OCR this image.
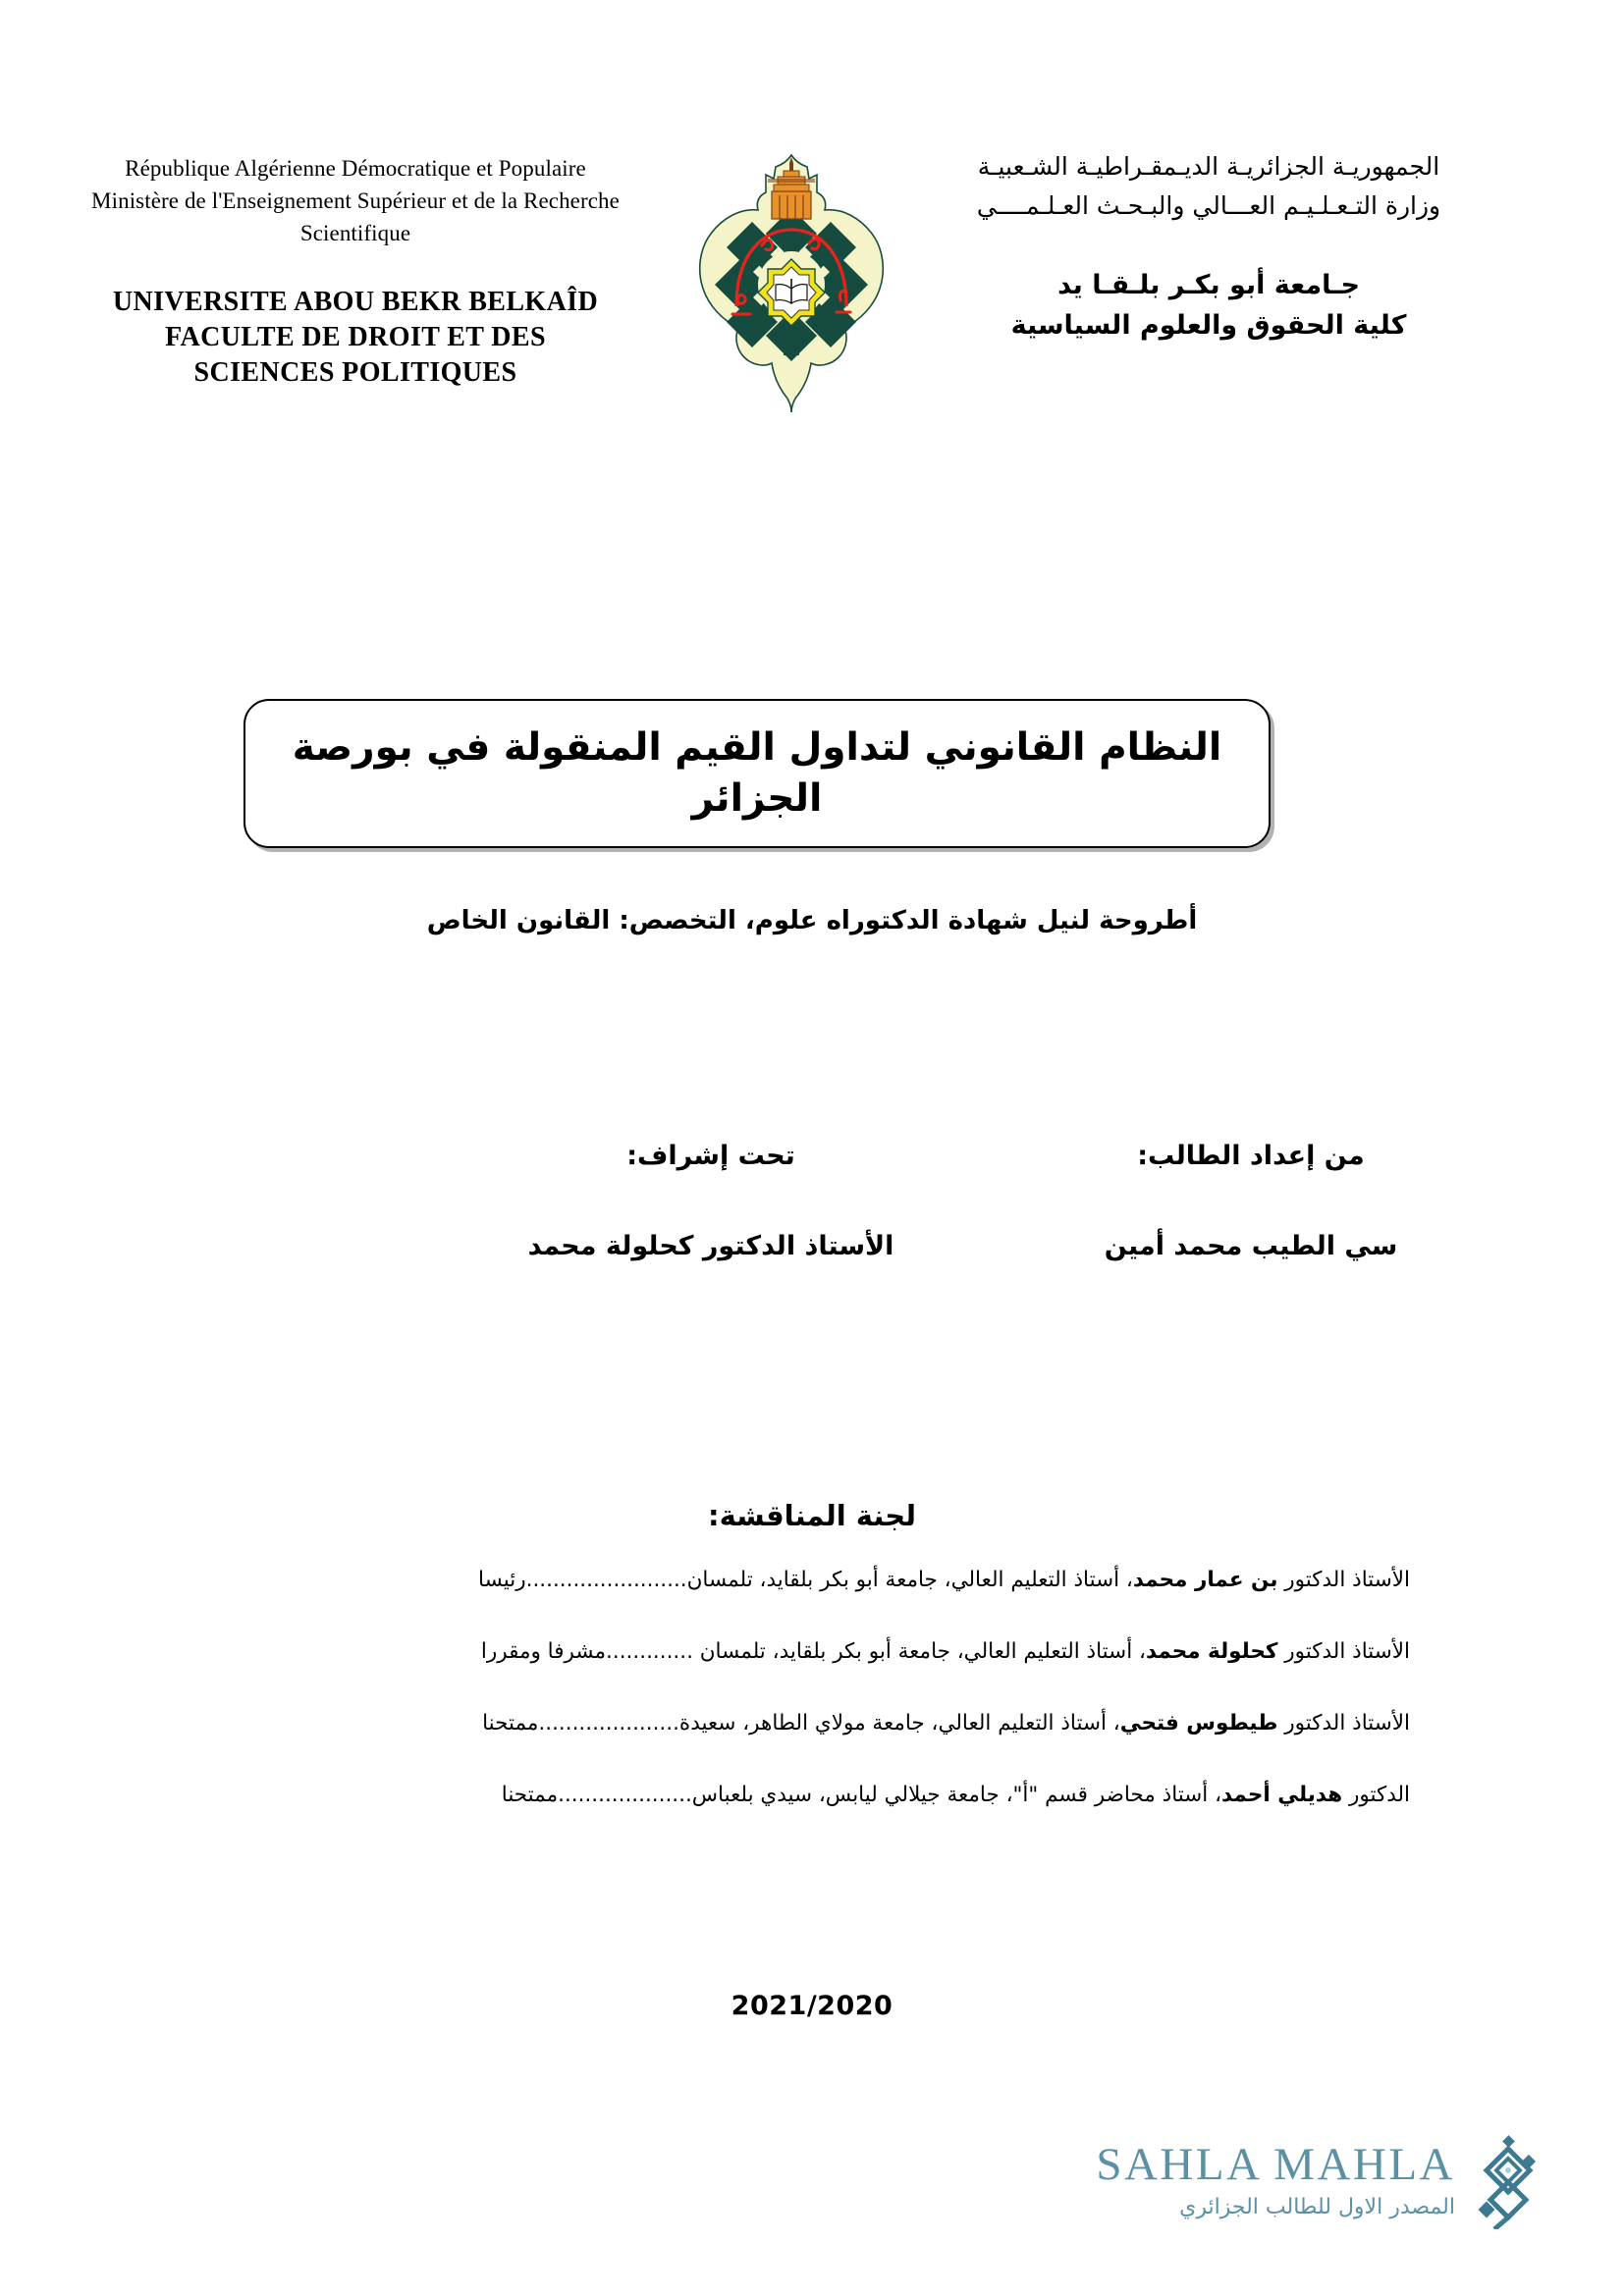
République Algérienne Démocratique et Populaire
Ministère de l'Enseignement Supérieur et de la Recherche
Scientifique
UNIVERSITE ABOU BEKR BELKAÎD
FACULTE DE DROIT ET DES
SCIENCES POLITIQUES
الجمهوريـة الجزائريـة الديـمقـراطيـة الشـعبيـة
وزارة التـعـلـيـم العـــالي والبـحـث العـلـمــــي
جـامعة أبو بكـر بلـقـا يد
كلية الحقوق والعلوم السياسية
النظام القانوني لتداول القيم المنقولة في بورصة الجزائر
أطروحة لنيل شهادة الدكتوراه علوم، التخصص: القانون الخاص
من إعداد الطالب:
سي الطيب محمد أمين
تحت إشراف:
الأستاذ الدكتور كحلولة محمد
لجنة المناقشة:
الأستاذ الدكتور بن عمار محمد، أستاذ التعليم العالي، جامعة أبو بكر بلقايد، تلمسان........................رئيسا
الأستاذ الدكتور كحلولة محمد، أستاذ التعليم العالي، جامعة أبو بكر بلقايد، تلمسان .............مشرفا ومقررا
الأستاذ الدكتور طيطوس فتحي، أستاذ التعليم العالي، جامعة مولاي الطاهر، سعيدة.....................ممتحنا
الدكتور هديلي أحمد، أستاذ محاضر قسم "أ"، جامعة جيلالي ليابس، سيدي بلعباس....................ممتحنا
2021/2020
SAHLA MAHLA
المصدر الاول للطالب الجزائري
